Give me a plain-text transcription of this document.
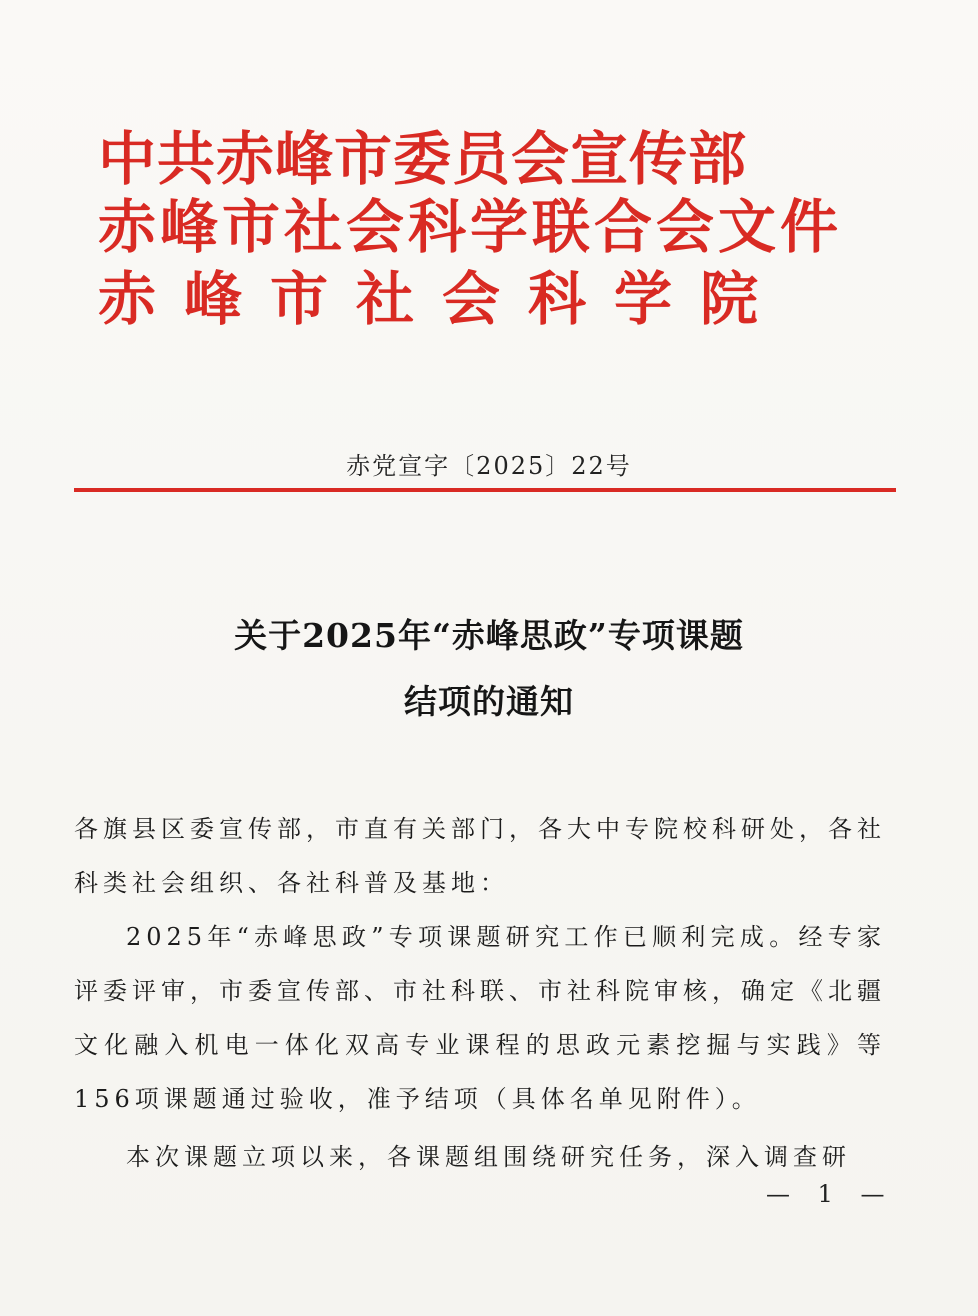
中共赤峰市委员会宣传部
赤峰市社会科学联合会文件
赤峰市社会科学院
赤党宣字〔2025〕22号
关于2025年“赤峰思政”专项课题
结项的通知

各旗县区委宣传部，市直有关部门，各大中专院校科研处，各社科类社会组织、各社科普及基地：

2025年“赤峰思政”专项课题研究工作已顺利完成。经专家评委评审，市委宣传部、市社科联、市社科院审核，确定《北疆文化融入机电一体化双高专业课程的思政元素挖掘与实践》等156项课题通过验收，准予结项（具体名单见附件）。

本次课题立项以来，各课题组围绕研究任务，深入调查研

— 1 —
